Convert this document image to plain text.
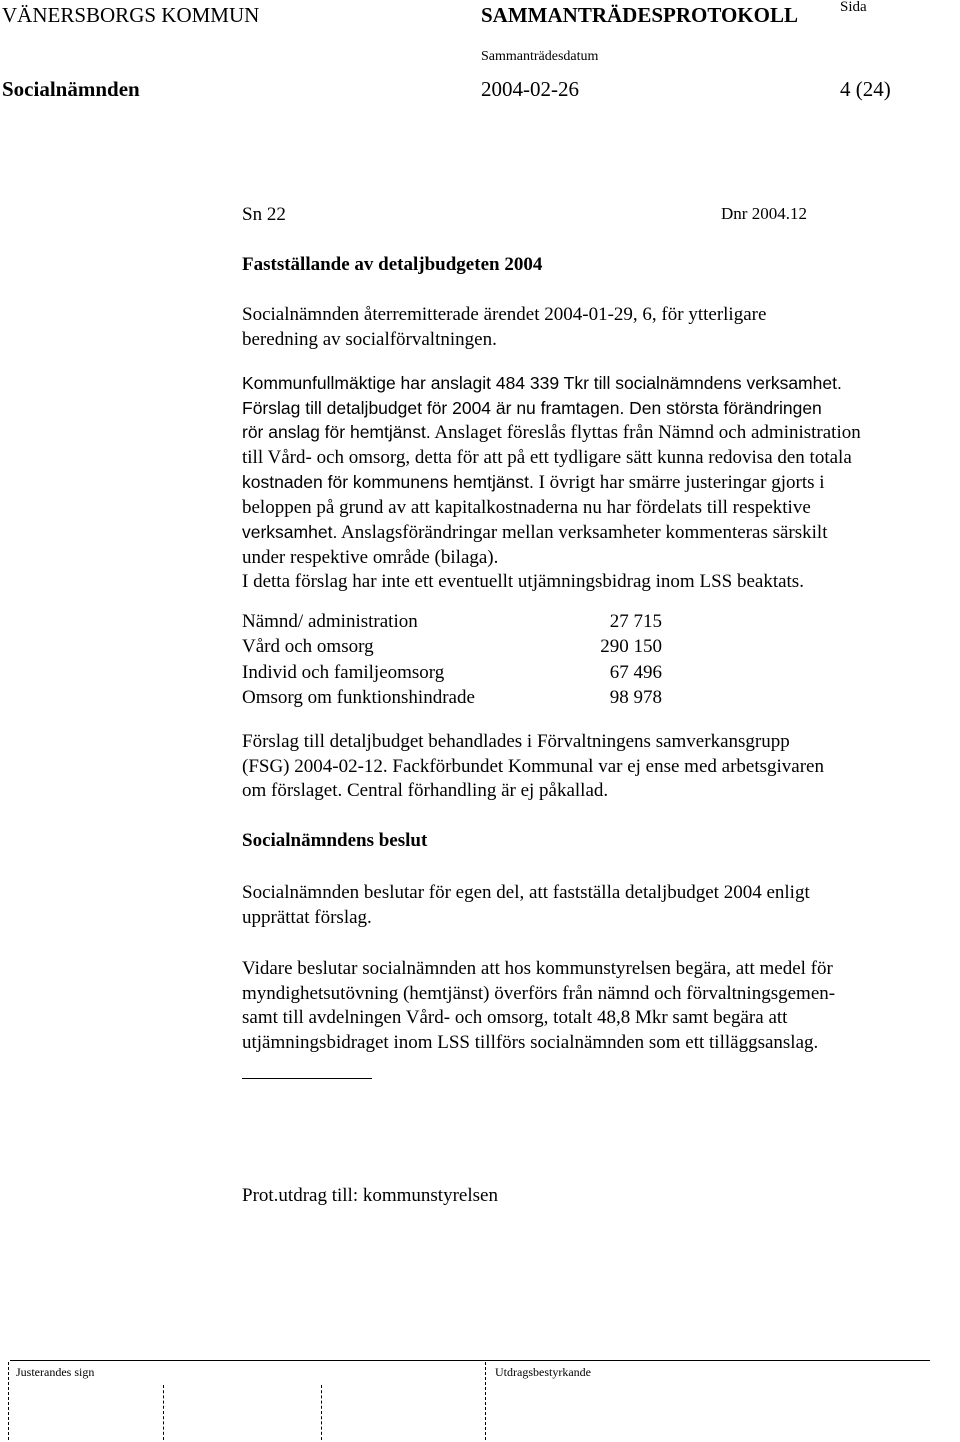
VÄNERSBORGS KOMMUN	SAMMANTRÄDESPROTOKOLL	Sida
Sammanträdesdatum
Socialnämnden	2004-02-26	4 (24)
Sn 22	Dnr 2004.12
Fastställande av detaljbudgeten 2004

Socialnämnden återremitterade ärendet 2004-01-29, 6, för ytterligare

beredning av socialförvaltningen.

Kommunfullmäktige har anslagit 484 339 Tkr till socialnämndens verksamhet.

Förslag till detaljbudget för 2004 är nu framtagen. Den största förändringen

rör anslag för hemtjänst. Anslaget föreslås flyttas från Nämnd och administration

till Vård- och omsorg, detta för att på ett tydligare sätt kunna redovisa den totala

kostnaden för kommunens hemtjänst. I övrigt har smärre justeringar gjorts i

beloppen på grund av att kapitalkostnaderna nu har fördelats till respektive

verksamhet. Anslagsförändringar mellan verksamheter kommenteras särskilt

under respektive område (bilaga).

I detta förslag har inte ett eventuellt utjämningsbidrag inom LSS beaktats.

Nämnd/ administration	27 715
Vård och omsorg	290 150
Individ och familjeomsorg	67 496
Omsorg om funktionshindrade	98 978

Förslag till detaljbudget behandlades i Förvaltningens samverkansgrupp

(FSG) 2004-02-12. Fackförbundet Kommunal var ej ense med arbetsgivaren

om förslaget. Central förhandling är ej påkallad.

Socialnämndens beslut

Socialnämnden beslutar för egen del, att fastställa detaljbudget 2004 enligt

upprättat förslag.

Vidare beslutar socialnämnden att hos kommunstyrelsen begära, att medel för

myndighetsutövning (hemtjänst) överförs från nämnd och förvaltningsgemen-

samt till avdelningen Vård- och omsorg, totalt 48,8 Mkr samt begära att

utjämningsbidraget inom LSS tillförs socialnämnden som ett tilläggsanslag.

Prot.utdrag till: kommunstyrelsen
Justerandes sign	Utdragsbestyrkande
